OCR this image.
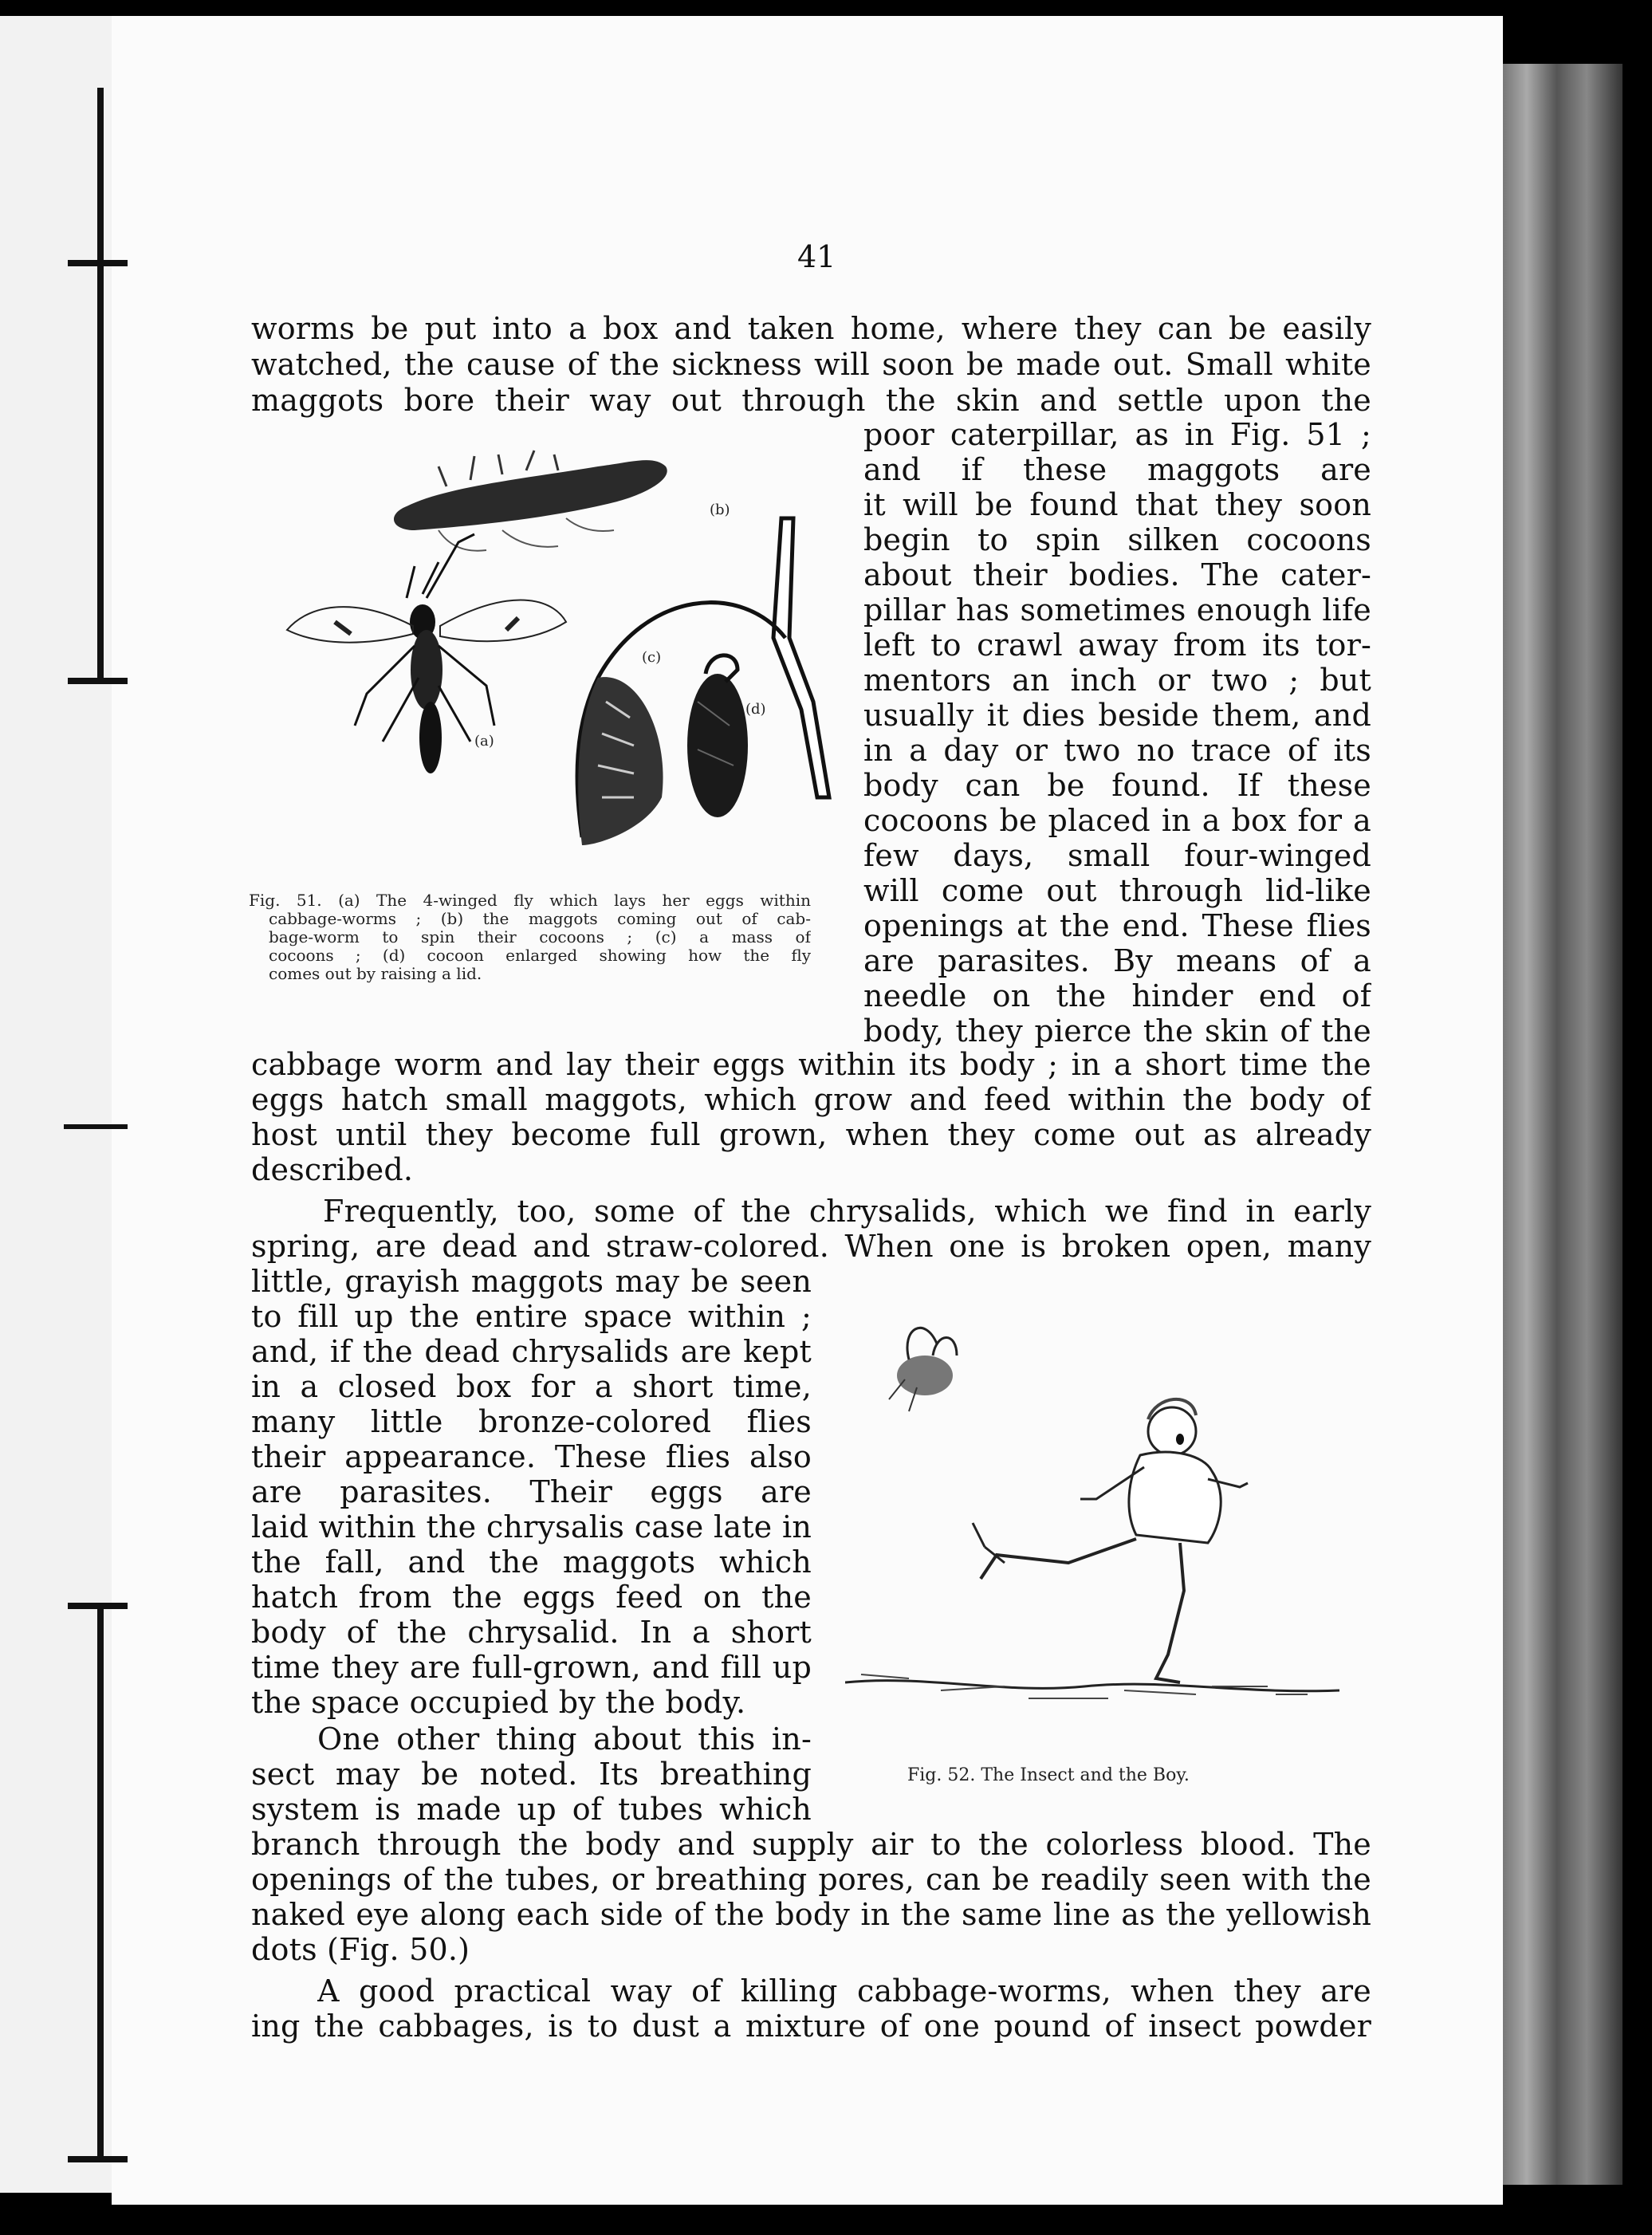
41
worms be put into a box and taken home, where they can be easily
watched, the cause of the sickness will soon be made out. Small white
maggots bore their way out through the skin and settle upon the
poor caterpillar, as in Fig. 51 ;
and if these maggots are
it will be found that they soon
begin to spin silken cocoons
about their bodies. The cater-
pillar has sometimes enough life
left to crawl away from its tor-
mentors an inch or two ; but
usually it dies beside them, and
in a day or two no trace of its
body can be found. If these
cocoons be placed in a box for a
few days, small four-winged
will come out through lid-like
openings at the end. These flies
are parasites. By means of a
needle on the hinder end of
body, they pierce the skin of the
cabbage worm and lay their eggs within its body ; in a short time the
eggs hatch small maggots, which grow and feed within the body of
host until they become full grown, when they come out as already
described.
Frequently, too, some of the chrysalids, which we find in early
spring, are dead and straw-colored. When one is broken open, many
little, grayish maggots may be seen
to fill up the entire space within ;
and, if the dead chrysalids are kept
in a closed box for a short time,
many little bronze-colored flies
their appearance. These flies also
are parasites. Their eggs are
laid within the chrysalis case late in
the fall, and the maggots which
hatch from the eggs feed on the
body of the chrysalid. In a short
time they are full-grown, and fill up
the space occupied by the body.
One other thing about this in-
sect may be noted. Its breathing
system is made up of tubes which
branch through the body and supply air to the colorless blood. The
openings of the tubes, or breathing pores, can be readily seen with the
naked eye along each side of the body in the same line as the yellowish
dots (Fig. 50.)
A good practical way of killing cabbage-worms, when they are
ing the cabbages, is to dust a mixture of one pound of insect powder
(b)
(a)
(c)
(d)
Fig. 51. (a) The 4-winged fly which lays her eggs within
cabbage-worms ; (b) the maggots coming out of cab-
bage-worm to spin their cocoons ; (c) a mass of
cocoons ; (d) cocoon enlarged showing how the fly
comes out by raising a lid.
Fig. 52. The Insect and the Boy.
